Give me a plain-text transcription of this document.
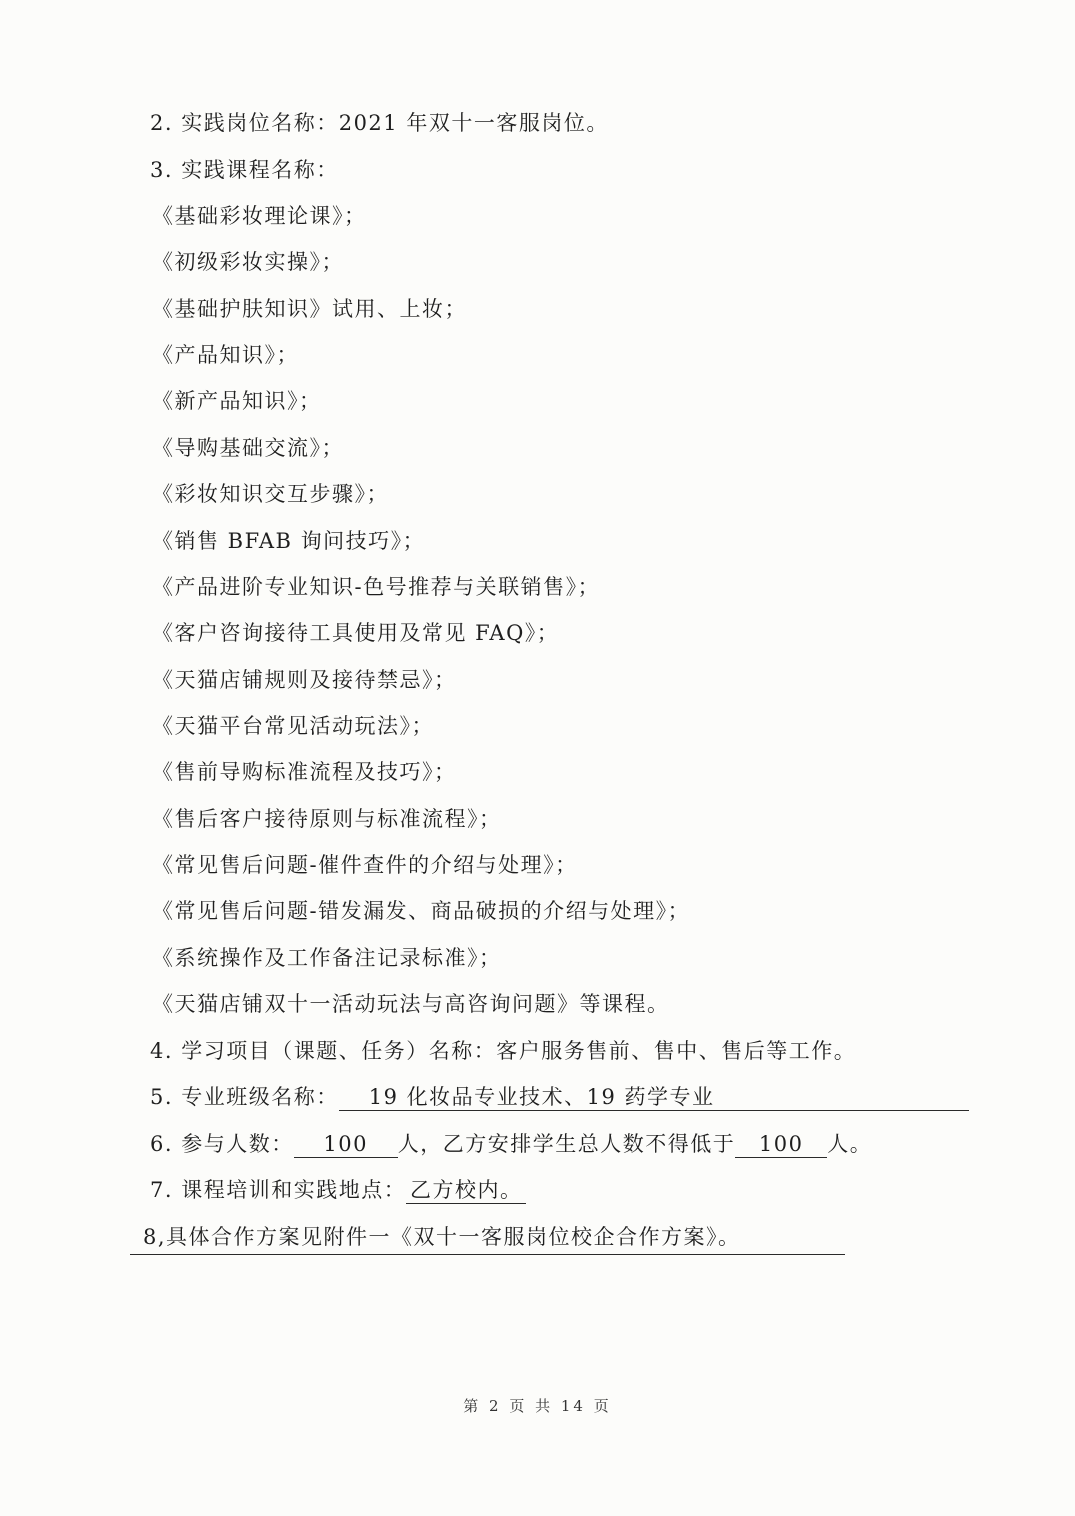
2. 实践岗位名称：2021 年双十一客服岗位。
3. 实践课程名称：
《基础彩妆理论课》；
《初级彩妆实操》；
《基础护肤知识》试用、上妆；
《产品知识》；
《新产品知识》；
《导购基础交流》；
《彩妆知识交互步骤》；
《销售 BFAB 询问技巧》；
《产品进阶专业知识-色号推荐与关联销售》；
《客户咨询接待工具使用及常见 FAQ》；
《天猫店铺规则及接待禁忌》；
《天猫平台常见活动玩法》；
《售前导购标准流程及技巧》；
《售后客户接待原则与标准流程》；
《常见售后问题-催件查件的介绍与处理》；
《常见售后问题-错发漏发、商品破损的介绍与处理》；
《系统操作及工作备注记录标准》；
《天猫店铺双十一活动玩法与高咨询问题》等课程。
4. 学习项目（课题、任务）名称：客户服务售前、售中、售后等工作。
5. 专业班级名称： 19 化妆品专业技术、19 药学专业
6. 参与人数： 100 人，乙方安排学生总人数不得低于 100 人。
7. 课程培训和实践地点： 乙方校内。
8,具体合作方案见附件一《双十一客服岗位校企合作方案》。
第 2 页 共 14 页
